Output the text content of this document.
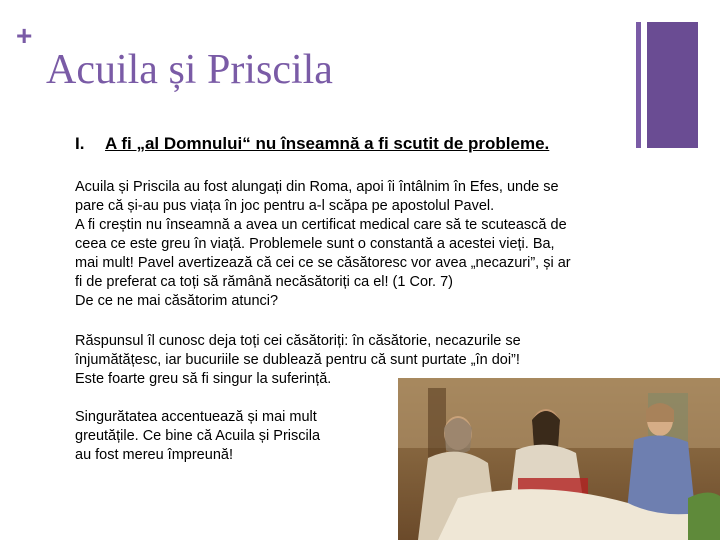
+
Acuila și Priscila
I. A fi „al Domnului“ nu înseamnă a fi scutit de probleme.
Acuila și Priscila au fost alungați din Roma, apoi îi întâlnim în Efes, unde se
pare că și-au pus viața în joc pentru a-l scăpa pe apostolul Pavel.
A fi creștin nu înseamnă a avea un certificat medical care să te scutească de
ceea ce este greu în viață. Problemele sunt o constantă a acestei vieți. Ba,
mai mult! Pavel avertizează că cei ce se căsătoresc vor avea „necazuri”, și ar
fi de preferat ca toți să rămână necăsătoriți ca el! (1 Cor. 7)
De ce ne mai căsătorim atunci?
Răspunsul îl cunosc deja toți cei căsătoriți: în căsătorie, necazurile se
înjumătățesc, iar bucuriile se dublează pentru că sunt purtate „în doi”!
Este foarte greu să fi singur la suferință.
Singurătatea accentuează și mai mult
greutățile. Ce bine că Acuila și Priscila
au fost mereu împreună!
